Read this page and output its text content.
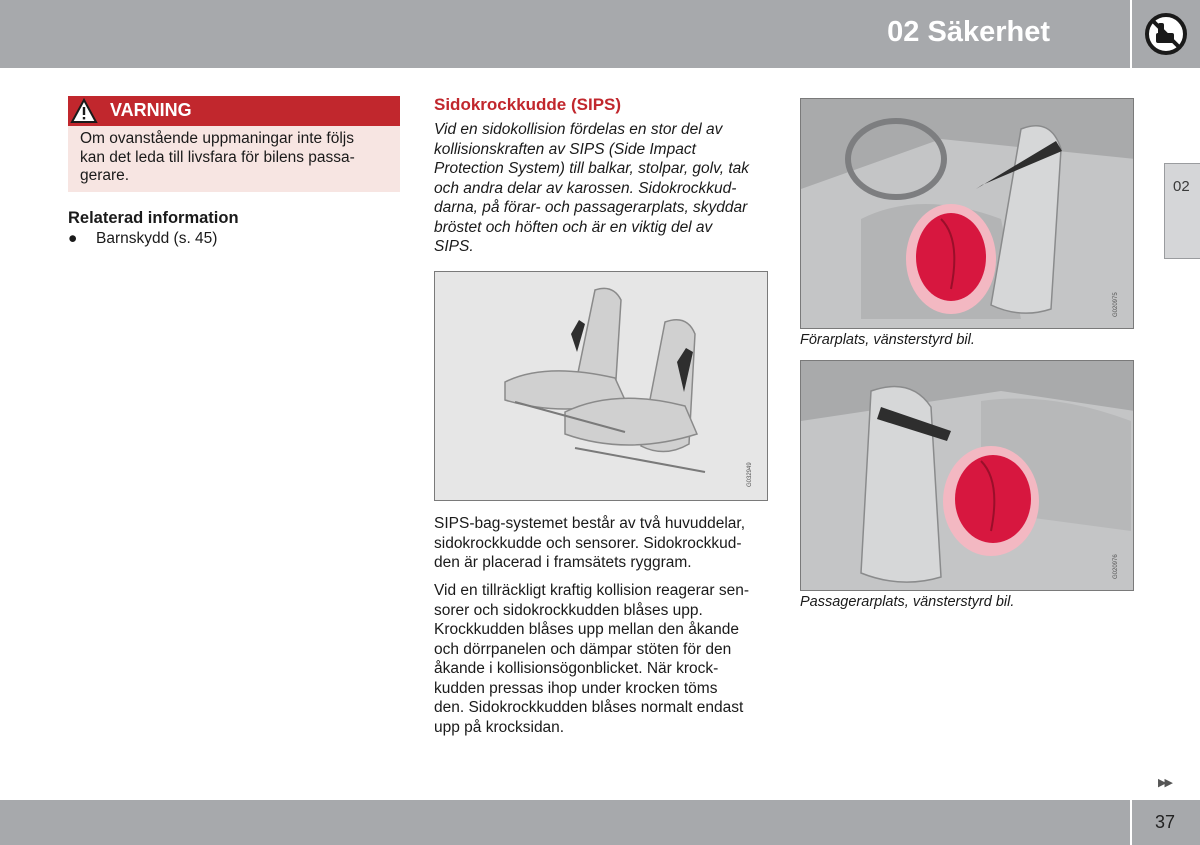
02 Säkerhet
02
VARNING
Om ovanstående uppmaningar inte följs
kan det leda till livsfara för bilens passa-
gerare.
Relaterad information
● Barnskydd (s. 45)
Sidokrockkudde (SIPS)
Vid en sidokollision fördelas en stor del av
kollisionskraften av SIPS (Side Impact
Protection System) till balkar, stolpar, golv, tak
och andra delar av karossen. Sidokrockkud-
darna, på förar- och passagerarplats, skyddar
bröstet och höften och är en viktig del av
SIPS.
G032949
SIPS-bag-systemet består av två huvuddelar,
sidokrockkudde och sensorer. Sidokrockkud-
den är placerad i framsätets ryggram.
Vid en tillräckligt kraftig kollision reagerar sen-
sorer och sidokrockkudden blåses upp.
Krockkudden blåses upp mellan den åkande
och dörrpanelen och dämpar stöten för den
åkande i kollisionsögonblicket. När krock-
kudden pressas ihop under krocken töms
den. Sidokrockkudden blåses normalt endast
upp på krocksidan.
G020975
Förarplats, vänsterstyrd bil.
G020976
Passagerarplats, vänsterstyrd bil.
▶▶
37
